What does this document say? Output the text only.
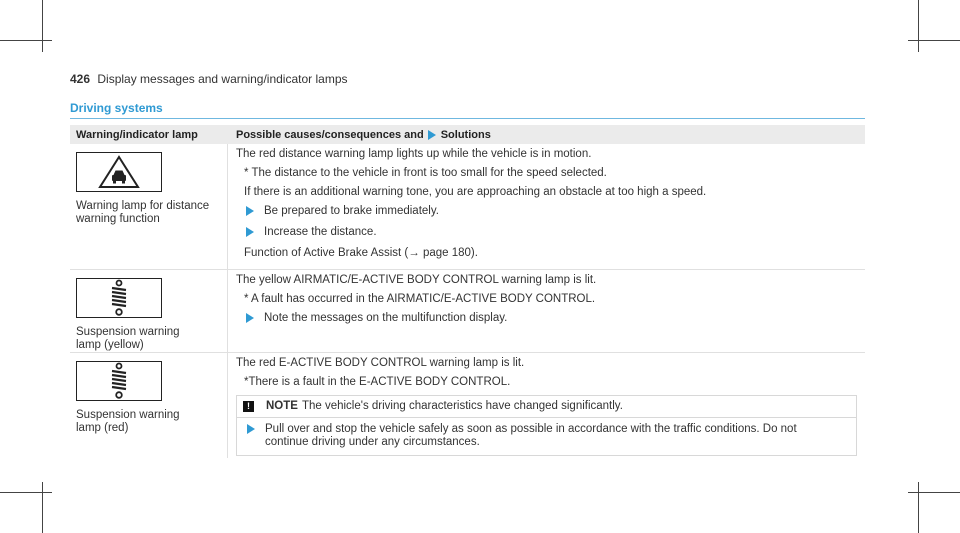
426 Display messages and warning/indicator lamps
Driving systems
Warning/indicator lamp	Possible causes/consequences and Solutions
Warning lamp for distance warning function
The red distance warning lamp lights up while the vehicle is in motion.
* The distance to the vehicle in front is too small for the speed selected.
If there is an additional warning tone, you are approaching an obstacle at too high a speed.
Be prepared to brake immediately.
Increase the distance.
Function of Active Brake Assist (→ page 180).
Suspension warning lamp (yellow)
The yellow AIRMATIC/E-ACTIVE BODY CONTROL warning lamp is lit.
* A fault has occurred in the AIRMATIC/E-ACTIVE BODY CONTROL.
Note the messages on the multifunction display.
Suspension warning lamp (red)
The red E-ACTIVE BODY CONTROL warning lamp is lit.
*There is a fault in the E-ACTIVE BODY CONTROL.
!	NOTE The vehicle's driving characteristics have changed significantly.
Pull over and stop the vehicle safely as soon as possible in accordance with the traffic conditions. Do not continue driving under any circumstances.
